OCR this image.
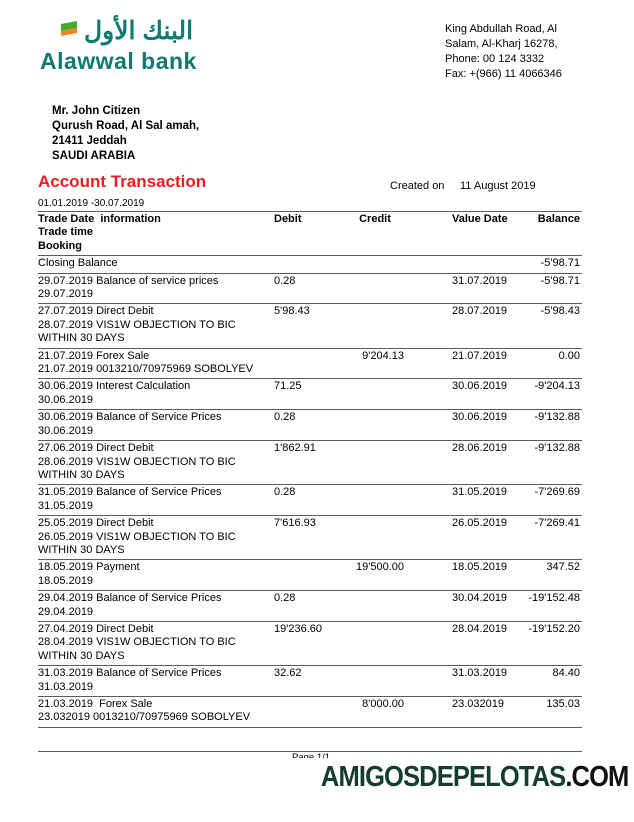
البنك الأول
Alawwal bank
King Abdullah Road, Al
Salam, Al-Kharj 16278,
Phone: 00 124 3332
Fax: +(966) 11 4066346
Mr. John Citizen
Qurush Road, Al Sal amah,
21411 Jeddah
SAUDI ARABIA
Account Transaction	Created on 11 August 2019
01.01.2019 -30.07.2019
Trade Date  information
Trade time
Booking	Debit	Credit	Value Date	Balance

Closing Balance				-5'98.71

29.07.2019 Balance of service prices
29.07.2019	0.28		31.07.2019	-5'98.71

27.07.2019 Direct Debit
28.07.2019 VIS1W OBJECTION TO BIC
WITHIN 30 DAYS	5'98.43		28.07.2019	-5'98.43

21.07.2019 Forex Sale
21.07.2019 0013210/70975969 SOBOLYEV		9'204.13	21.07.2019	0.00

30.06.2019 Interest Calculation
30.06.2019	71.25		30.06.2019	-9'204.13

30.06.2019 Balance of Service Prices
30.06.2019	0.28		30.06.2019	-9'132.88

27.06.2019 Direct Debit
28.06.2019 VIS1W OBJECTION TO BIC
WITHIN 30 DAYS	1'862.91		28.06.2019	-9'132.88

31.05.2019 Balance of Service Prices
31.05.2019	0.28		31.05.2019	-7'269.69

25.05.2019 Direct Debit
26.05.2019 VIS1W OBJECTION TO BIC
WITHIN 30 DAYS	7'616.93		26.05.2019	-7'269.41

18.05.2019 Payment
18.05.2019		19'500.00	18.05.2019	347.52

29.04.2019 Balance of Service Prices
29.04.2019	0.28		30.04.2019	-19'152.48

27.04.2019 Direct Debit
28.04.2019 VIS1W OBJECTION TO BIC
WITHIN 30 DAYS	19'236.60		28.04.2019	-19'152.20

31.03.2019 Balance of Service Prices
31.03.2019	32.62		31.03.2019	84.40

21.03.2019  Forex Sale
23.032019 0013210/70975969 SOBOLYEV		8'000.00	23.032019	135.03
AMIGOSDEPELOTAS.COM
